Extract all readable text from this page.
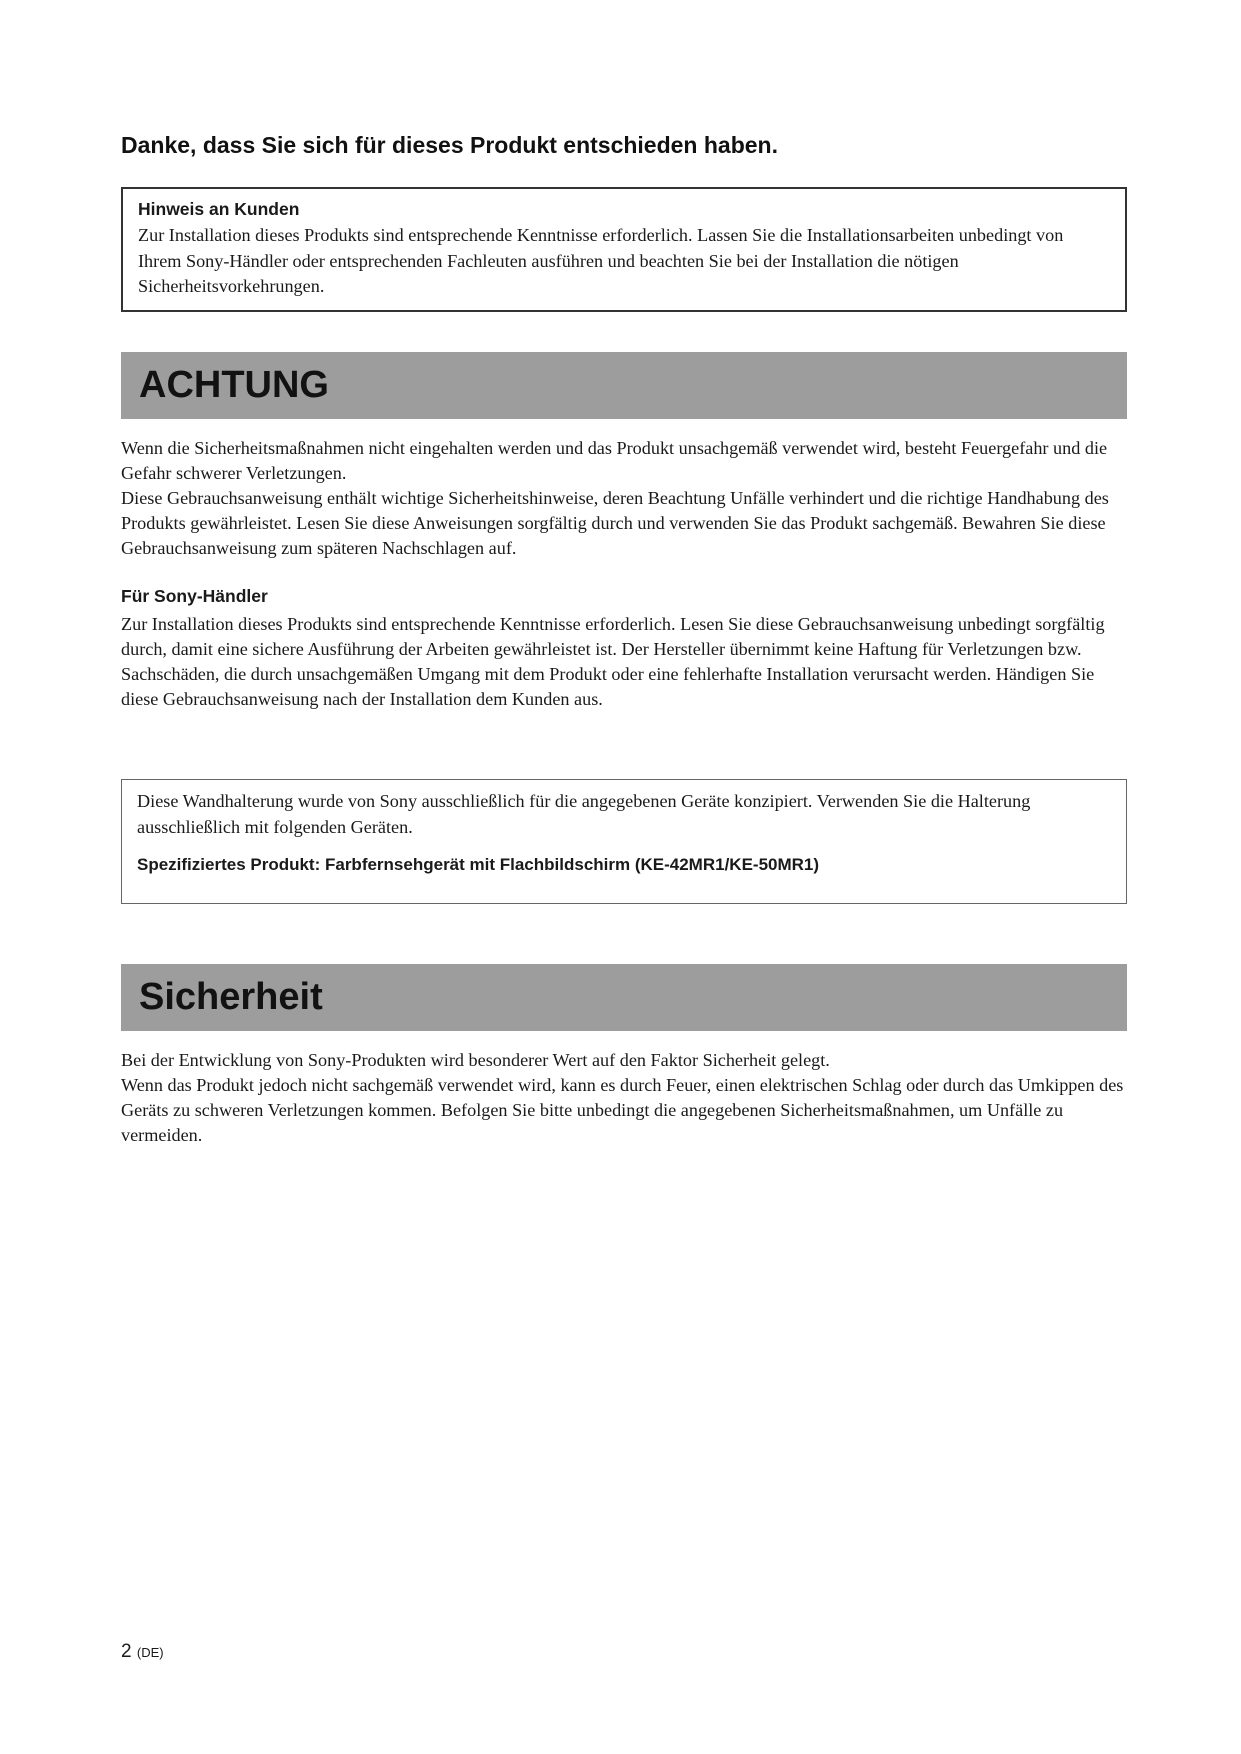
Danke, dass Sie sich für dieses Produkt entschieden haben.

Hinweis an Kunden

Zur Installation dieses Produkts sind entsprechende Kenntnisse erforderlich. Lassen Sie die Installationsarbeiten unbedingt von Ihrem Sony-Händler oder entsprechenden Fachleuten ausführen und beachten Sie bei der Installation die nötigen Sicherheitsvorkehrungen.

ACHTUNG

Wenn die Sicherheitsmaßnahmen nicht eingehalten werden und das Produkt unsachgemäß verwendet wird, besteht Feuergefahr und die Gefahr schwerer Verletzungen.

Diese Gebrauchsanweisung enthält wichtige Sicherheitshinweise, deren Beachtung Unfälle verhindert und die richtige Handhabung des Produkts gewährleistet. Lesen Sie diese Anweisungen sorgfältig durch und verwenden Sie das Produkt sachgemäß. Bewahren Sie diese Gebrauchsanweisung zum späteren Nachschlagen auf.

Für Sony-Händler

Zur Installation dieses Produkts sind entsprechende Kenntnisse erforderlich. Lesen Sie diese Gebrauchsanweisung unbedingt sorgfältig durch, damit eine sichere Ausführung der Arbeiten gewährleistet ist. Der Hersteller übernimmt keine Haftung für Verletzungen bzw. Sachschäden, die durch unsachgemäßen Umgang mit dem Produkt oder eine fehlerhafte Installation verursacht werden. Händigen Sie diese Gebrauchsanweisung nach der Installation dem Kunden aus.

Diese Wandhalterung wurde von Sony ausschließlich für die angegebenen Geräte konzipiert. Verwenden Sie die Halterung ausschließlich mit folgenden Geräten.

Spezifiziertes Produkt: Farbfernsehgerät mit Flachbildschirm (KE-42MR1/KE-50MR1)

Sicherheit

Bei der Entwicklung von Sony-Produkten wird besonderer Wert auf den Faktor Sicherheit gelegt.

Wenn das Produkt jedoch nicht sachgemäß verwendet wird, kann es durch Feuer, einen elektrischen Schlag oder durch das Umkippen des Geräts zu schweren Verletzungen kommen. Befolgen Sie bitte unbedingt die angegebenen Sicherheitsmaßnahmen, um Unfälle zu vermeiden.

2 (DE)
